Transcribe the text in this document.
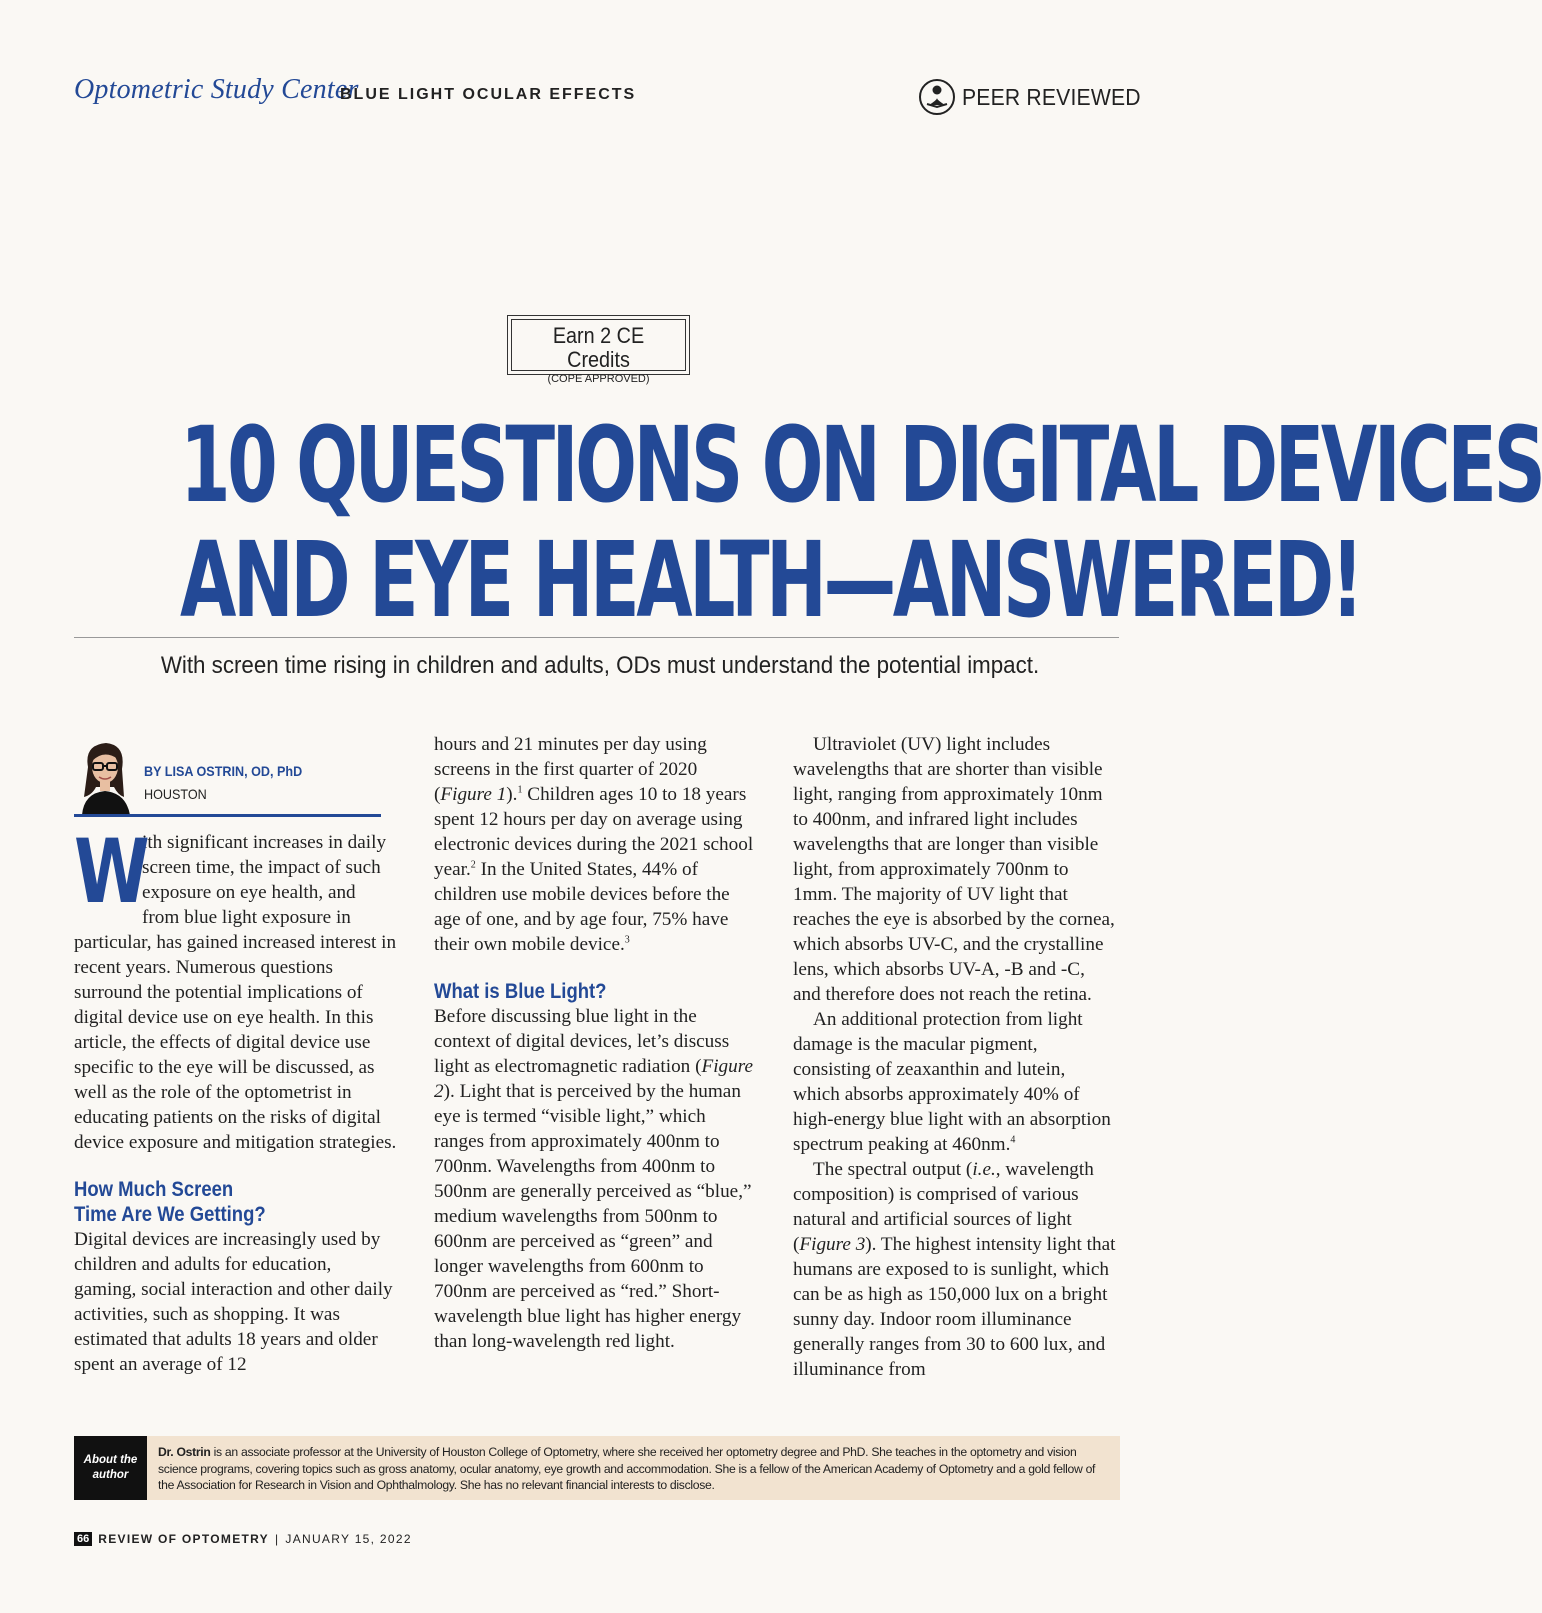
Optometric Study Center
BLUE LIGHT OCULAR EFFECTS	PEER REVIEWED
Earn 2 CE Credits
(COPE APPROVED)
10 QUESTIONS ON DIGITAL DEVICES
AND EYE HEALTH—ANSWERED!
With screen time rising in children and adults, ODs must understand the potential impact.
BY LISA OSTRIN, OD, PhD
HOUSTON
W

ith significant increases in daily screen time, the impact of such exposure on eye health, and from blue light exposure in particular, has gained increased interest in recent years. Numerous questions surround the potential implications of digital device use on eye health. In this article, the effects of digital device use specific to the eye will be discussed, as well as the role of the optometrist in educating patients on the risks of digital device exposure and mitigation strategies.

How Much Screen
Time Are We Getting?

Digital devices are increasingly used by children and adults for education, gaming, social interaction and other daily activities, such as shopping. It was estimated that adults 18 years and older spent an average of 12

hours and 21 minutes per day using screens in the first quarter of 2020 (Figure 1).$^1$ Children ages 10 to 18 years spent 12 hours per day on average using electronic devices during the 2021 school year.$^2$ In the United States, 44% of children use mobile devices before the age of one, and by age four, 75% have their own mobile device.$^3$

What is Blue Light?

Before discussing blue light in the context of digital devices, let’s discuss light as electromagnetic radiation (Figure 2). Light that is perceived by the human eye is termed “visible light,” which ranges from approximately 400nm to 700nm. Wavelengths from 400nm to 500nm are generally perceived as “blue,” medium wavelengths from 500nm to 600nm are perceived as “green” and longer wavelengths from 600nm to 700nm are perceived as “red.” Short-wavelength blue light has higher energy than long-wavelength red light.

Ultraviolet (UV) light includes wavelengths that are shorter than visible light, ranging from approximately 10nm to 400nm, and infrared light includes wavelengths that are longer than visible light, from approximately 700nm to 1mm. The majority of UV light that reaches the eye is absorbed by the cornea, which absorbs UV-C, and the crystalline lens, which absorbs UV-A, -B and -C, and therefore does not reach the retina.

An additional protection from light damage is the macular pigment, consisting of zeaxanthin and lutein, which absorbs approximately 40% of high-energy blue light with an absorption spectrum peaking at 460nm.$^4$

The spectral output (i.e., wavelength composition) is comprised of various natural and artificial sources of light (Figure 3). The highest intensity light that humans are exposed to is sunlight, which can be as high as 150,000 lux on a bright sunny day. Indoor room illuminance generally ranges from 30 to 600 lux, and illuminance from

About the
author
Dr. Ostrin is an associate professor at the University of Houston College of Optometry, where she received her optometry degree and PhD. She teaches in the optometry and vision science programs, covering topics such as gross anatomy, ocular anatomy, eye growth and accommodation. She is a fellow of the American Academy of Optometry and a gold fellow of the Association for Research in Vision and Ophthalmology. She has no relevant financial interests to disclose.
66 REVIEW OF OPTOMETRY | JANUARY 15, 2022
